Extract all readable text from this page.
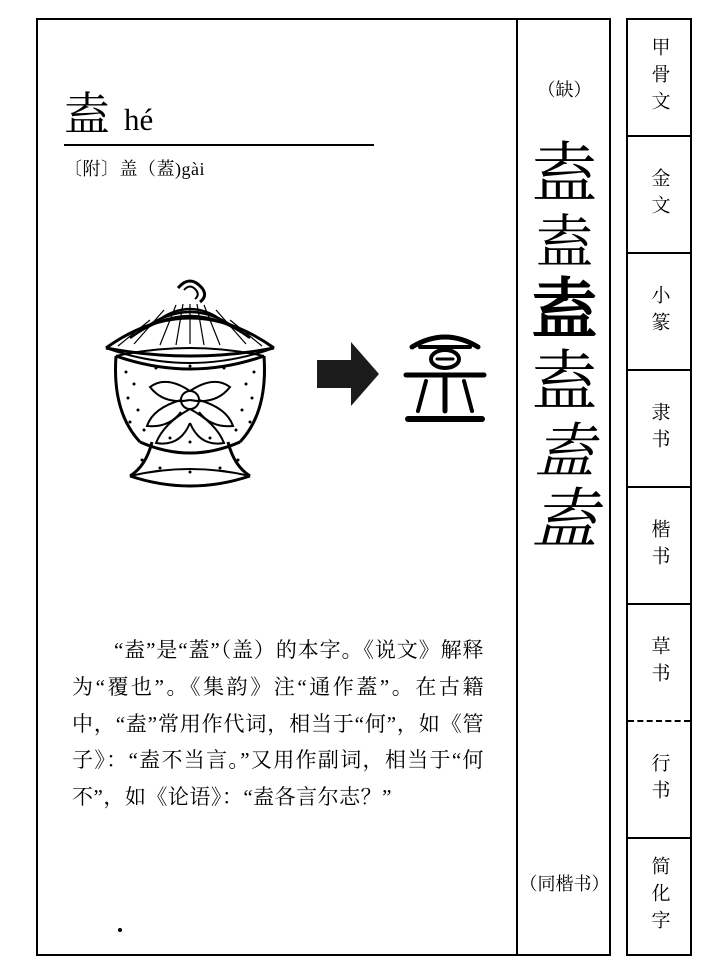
盍 hé
〔附〕盖（蓋)gài
“盍”是“蓋”（盖）的本字。《说文》解释为“覆也”。《集韵》注“通作蓋”。在古籍中，“盍”常用作代词，相当于“何”，如《管子》：“盍不当言。”又用作副词，相当于“何不”，如《论语》：“盍各言尔志？”
（缺）
盍
盍
盍
盍
盍
盍
（同楷书）
甲骨文
金文
小篆
隶书
楷书
草书
行书
简化字
